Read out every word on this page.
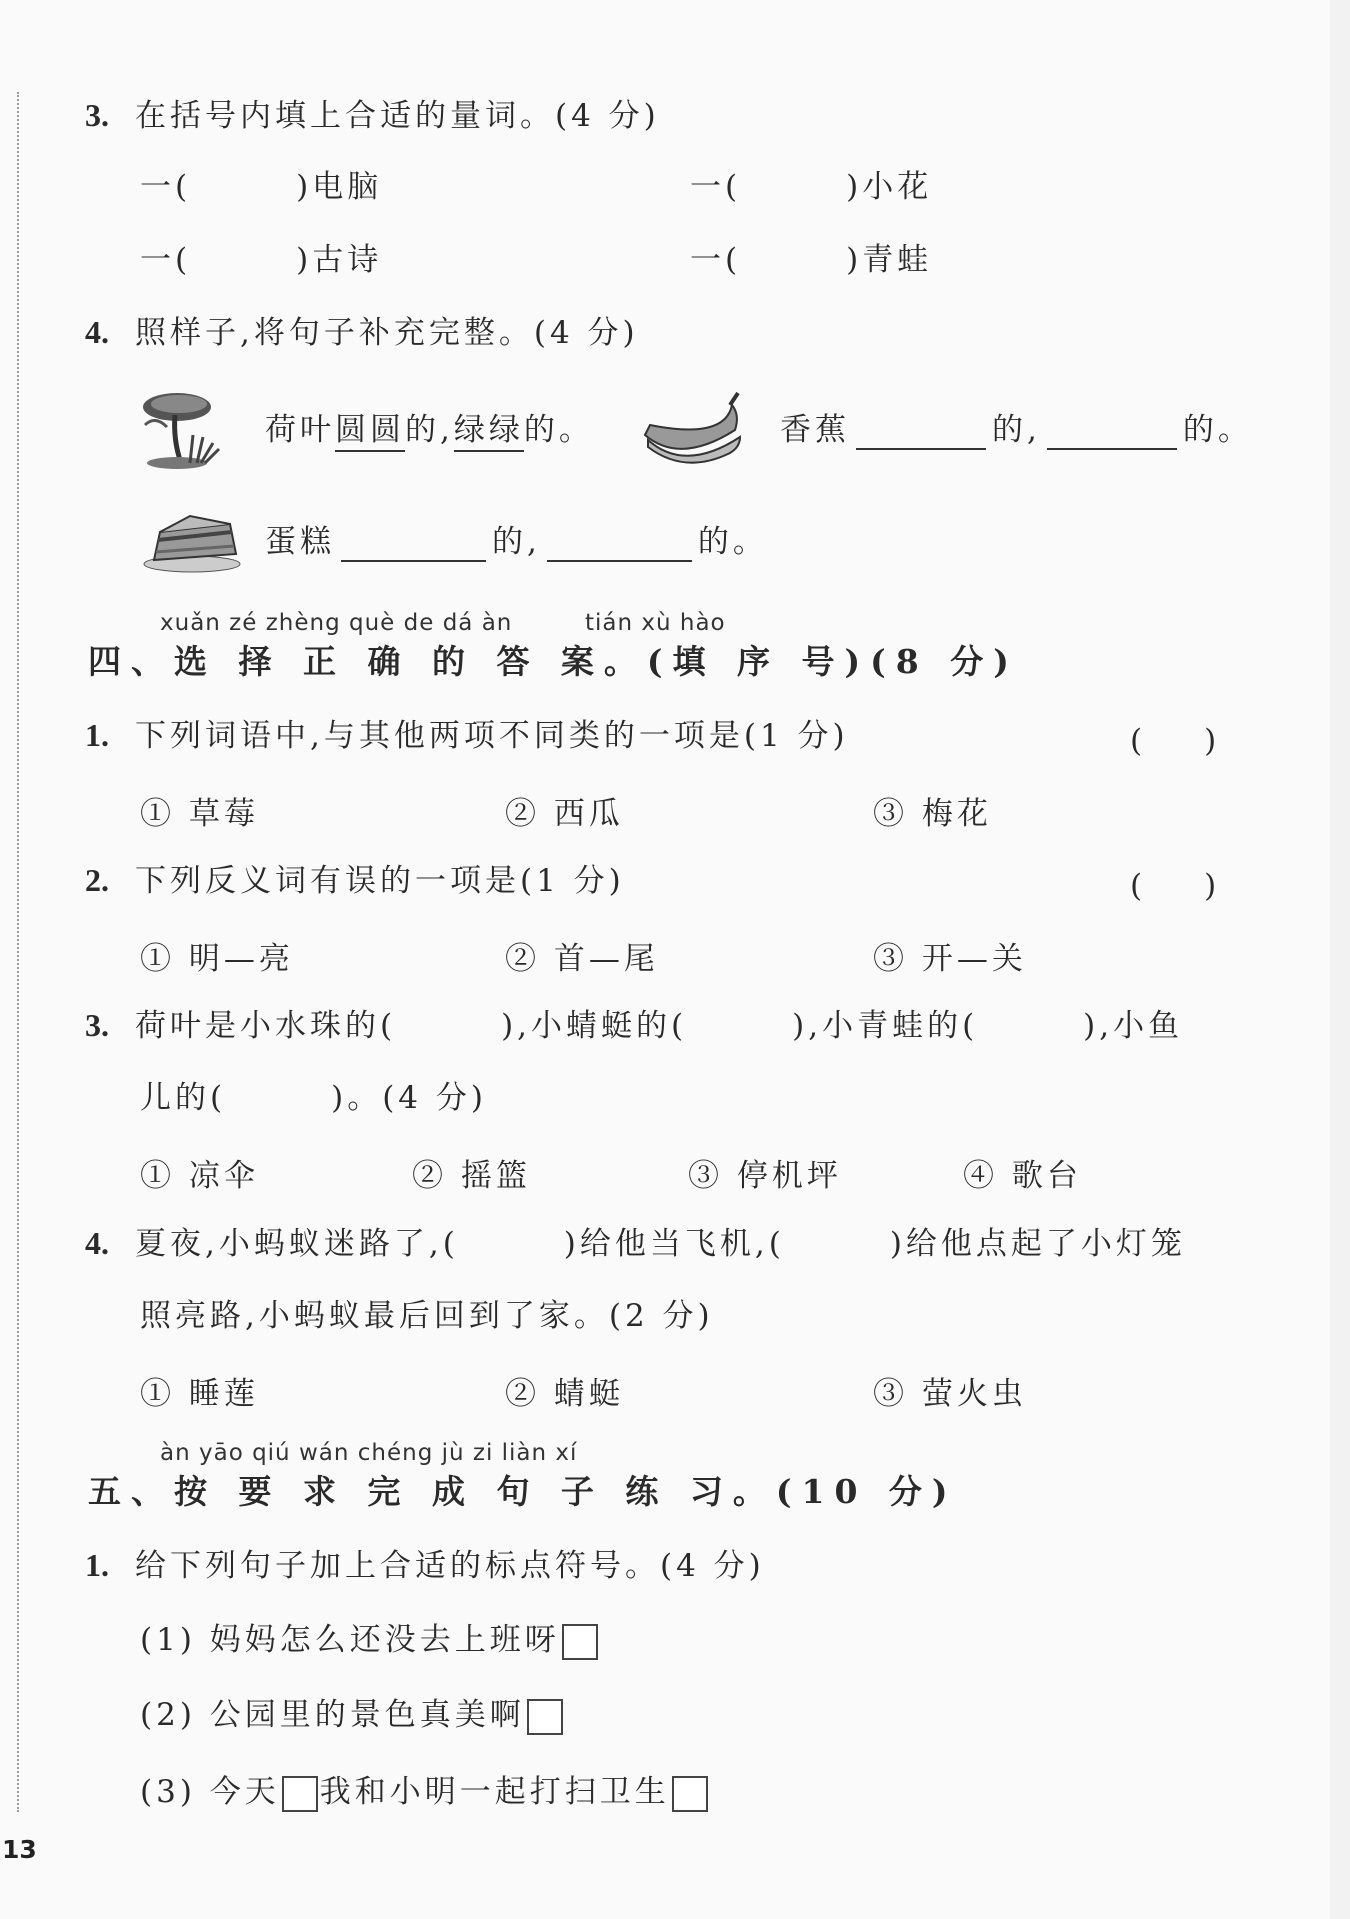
3. 在括号内填上合适的量词。(4 分)
一(　　　)电脑	一(　　　)小花
一(　　　)古诗	一(　　　)青蛙
4. 照样子,将句子补充完整。(4 分)
荷叶圆圆的,绿绿的。	香蕉	的,	的。
蛋糕	的,	的。
xuǎn zé zhèng què de dá àn	tián xù hào
四、选 择 正 确 的 答 案。(填 序 号)(8 分)
1. 下列词语中,与其他两项不同类的一项是(1 分)	(　　)
① 草莓	② 西瓜	③ 梅花
2. 下列反义词有误的一项是(1 分)	(　　)
① 明—亮	② 首—尾	③ 开—关
3. 荷叶是小水珠的(　　　),小蜻蜓的(　　　),小青蛙的(　　　),小鱼
儿的(　　　)。(4 分)
① 凉伞	② 摇篮	③ 停机坪	④ 歌台
4. 夏夜,小蚂蚁迷路了,(　　　)给他当飞机,(　　　)给他点起了小灯笼
照亮路,小蚂蚁最后回到了家。(2 分)
① 睡莲	② 蜻蜓	③ 萤火虫
àn yāo qiú wán chéng jù zi liàn xí
五、按 要 求 完 成 句 子 练 习。(10 分)
1. 给下列句子加上合适的标点符号。(4 分)
(1) 妈妈怎么还没去上班呀
(2) 公园里的景色真美啊
(3) 今天 我和小明一起打扫卫生
13
